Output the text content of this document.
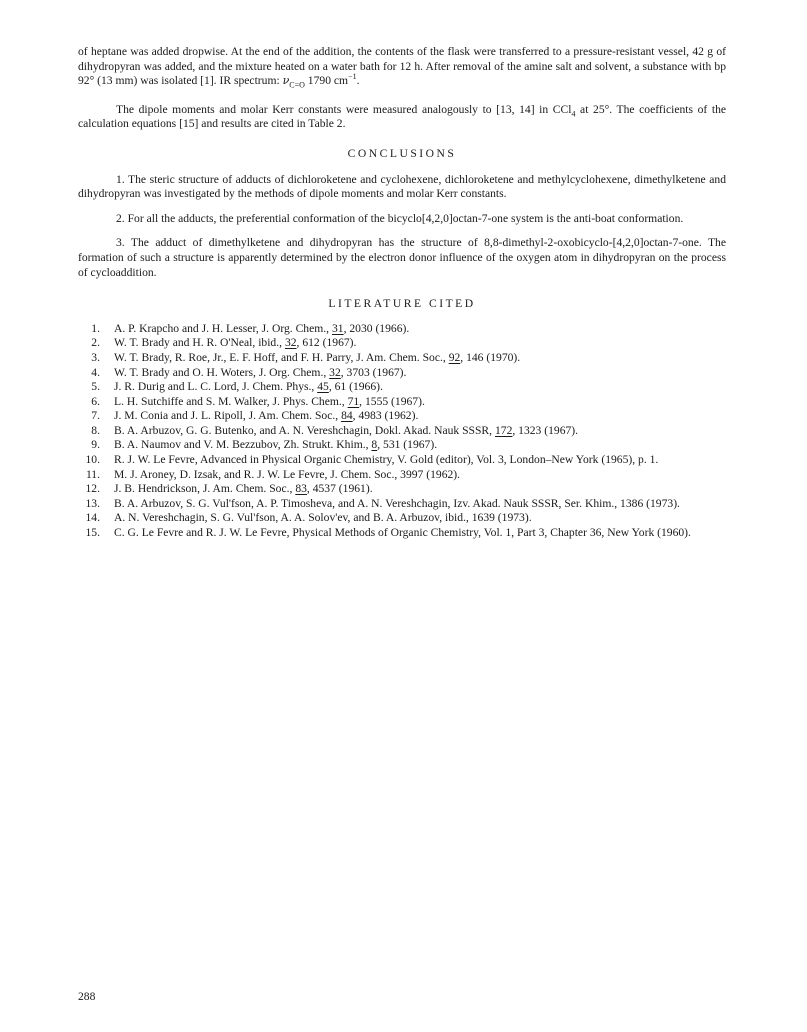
of heptane was added dropwise. At the end of the addition, the contents of the flask were transferred to a pressure-resistant vessel, 42 g of dihydropyran was added, and the mixture heated on a water bath for 12 h. After removal of the amine salt and solvent, a substance with bp 92° (13 mm) was isolated [1]. IR spectrum: $\nu_{C=O}$ 1790 $cm^{-1}$.

The dipole moments and molar Kerr constants were measured analogously to [13, 14] in CCl$_4$ at 25°. The coefficients of the calculation equations [15] and results are cited in Table 2.

CONCLUSIONS

1. The steric structure of adducts of dichloroketene and cyclohexene, dichloroketene and methylcyclohexene, dimethylketene and dihydropyran was investigated by the methods of dipole moments and molar Kerr constants.

2. For all the adducts, the preferential conformation of the bicyclo[4,2,0]octan-7-one system is the anti-boat conformation.

3. The adduct of dimethylketene and dihydropyran has the structure of 8,8-dimethyl-2-oxobicyclo-[4,2,0]octan-7-one. The formation of such a structure is apparently determined by the electron donor influence of the oxygen atom in dihydropyran on the process of cycloaddition.

LITERATURE CITED
1.	A. P. Krapcho and J. H. Lesser, J. Org. Chem., 31, 2030 (1966).
2.	W. T. Brady and H. R. O'Neal, ibid., 32, 612 (1967).
3.	W. T. Brady, R. Roe, Jr., E. F. Hoff, and F. H. Parry, J. Am. Chem. Soc., 92, 146 (1970).
4.	W. T. Brady and O. H. Woters, J. Org. Chem., 32, 3703 (1967).
5.	J. R. Durig and L. C. Lord, J. Chem. Phys., 45, 61 (1966).
6.	L. H. Sutchiffe and S. M. Walker, J. Phys. Chem., 71, 1555 (1967).
7.	J. M. Conia and J. L. Ripoll, J. Am. Chem. Soc., 84, 4983 (1962).
8.	B. A. Arbuzov, G. G. Butenko, and A. N. Vereshchagin, Dokl. Akad. Nauk SSSR, 172, 1323 (1967).
9.	B. A. Naumov and V. M. Bezzubov, Zh. Strukt. Khim., 8, 531 (1967).
10.	R. J. W. Le Fevre, Advanced in Physical Organic Chemistry, V. Gold (editor), Vol. 3, London–New York (1965), p. 1.
11.	M. J. Aroney, D. Izsak, and R. J. W. Le Fevre, J. Chem. Soc., 3997 (1962).
12.	J. B. Hendrickson, J. Am. Chem. Soc., 83, 4537 (1961).
13.	B. A. Arbuzov, S. G. Vul'fson, A. P. Timosheva, and A. N. Vereshchagin, Izv. Akad. Nauk SSSR, Ser. Khim., 1386 (1973).
14.	A. N. Vereshchagin, S. G. Vul'fson, A. A. Solov'ev, and B. A. Arbuzov, ibid., 1639 (1973).
15.	C. G. Le Fevre and R. J. W. Le Fevre, Physical Methods of Organic Chemistry, Vol. 1, Part 3, Chapter 36, New York (1960).
288
